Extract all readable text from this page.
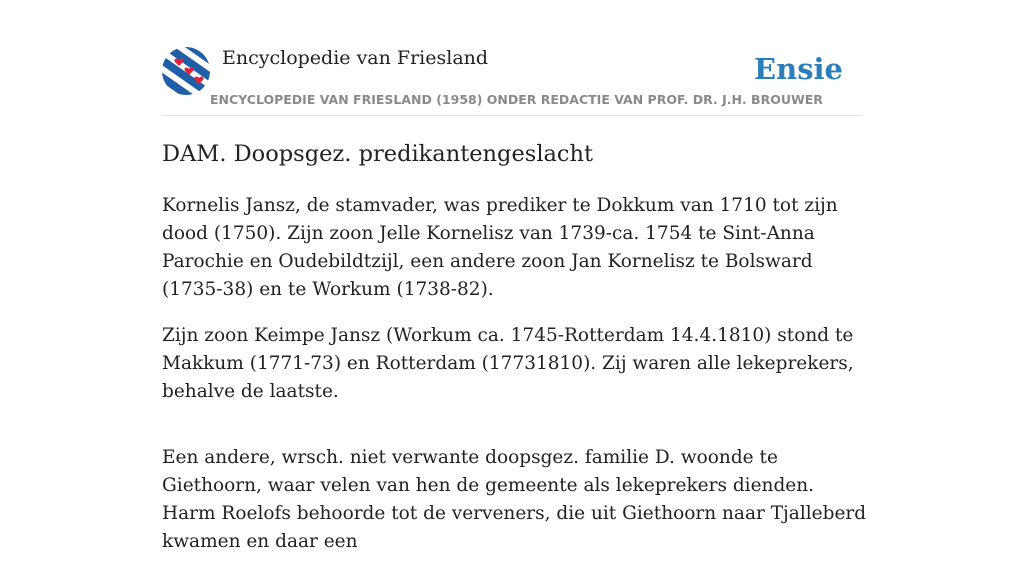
Encyclopedie van Friesland	Ensie
ENCYCLOPEDIE VAN FRIESLAND (1958) ONDER REDACTIE VAN PROF. DR. J.H. BROUWER
DAM. Doopsgez. predikantengeslacht

Kornelis Jansz, de stamvader, was prediker te Dokkum van 1710 tot zijn dood (1750). Zijn zoon Jelle Kornelisz van 1739-ca. 1754 te Sint-Anna Parochie en Oudebildtzijl, een andere zoon Jan Kornelisz te Bolsward (1735-38) en te Workum (1738-82).

Zijn zoon Keimpe Jansz (Workum ca. 1745-Rotterdam 14.4.1810) stond te Makkum (1771-73) en Rotterdam (17731810). Zij waren alle lekeprekers, behalve de laatste.

Een andere, wrsch. niet verwante doopsgez. familie D. woonde te Giethoorn, waar velen van hen de gemeente als lekeprekers dienden. Harm Roelofs behoorde tot de verveners, die uit Giethoorn naar Tjalleberd kwamen en daar een
